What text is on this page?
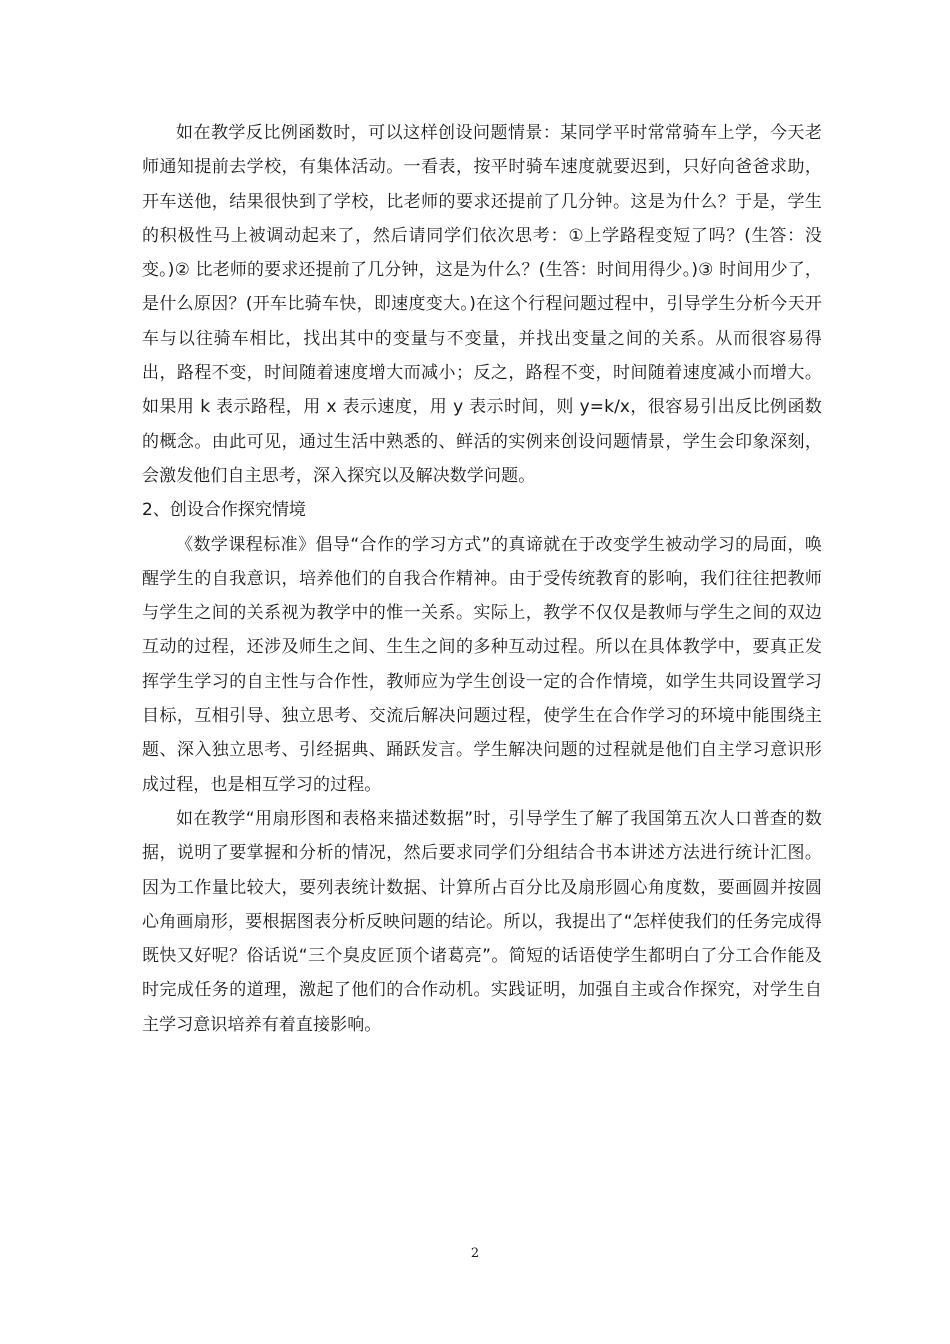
如在教学反比例函数时，可以这样创设问题情景：某同学平时常常骑车上学，今天老师通知提前去学校，有集体活动。一看表，按平时骑车速度就要迟到，只好向爸爸求助，开车送他，结果很快到了学校，比老师的要求还提前了几分钟。这是为什么？于是，学生的积极性马上被调动起来了，然后请同学们依次思考：①上学路程变短了吗？(生答：没变。)② 比老师的要求还提前了几分钟，这是为什么？(生答：时间用得少。)③ 时间用少了，是什么原因？(开车比骑车快，即速度变大。)在这个行程问题过程中，引导学生分析今天开车与以往骑车相比，找出其中的变量与不变量，并找出变量之间的关系。从而很容易得出，路程不变，时间随着速度增大而减小；反之，路程不变，时间随着速度减小而增大。如果用 k 表示路程，用 x 表示速度，用 y 表示时间，则 y=k/x，很容易引出反比例函数的概念。由此可见，通过生活中熟悉的、鲜活的实例来创设问题情景，学生会印象深刻，会激发他们自主思考，深入探究以及解决数学问题。

2、创设合作探究情境

《数学课程标准》倡导“合作的学习方式”的真谛就在于改变学生被动学习的局面，唤醒学生的自我意识，培养他们的自我合作精神。由于受传统教育的影响，我们往往把教师与学生之间的关系视为教学中的惟一关系。实际上，教学不仅仅是教师与学生之间的双边互动的过程，还涉及师生之间、生生之间的多种互动过程。所以在具体教学中，要真正发挥学生学习的自主性与合作性，教师应为学生创设一定的合作情境，如学生共同设置学习目标，互相引导、独立思考、交流后解决问题过程，使学生在合作学习的环境中能围绕主题、深入独立思考、引经据典、踊跃发言。学生解决问题的过程就是他们自主学习意识形成过程，也是相互学习的过程。

如在教学“用扇形图和表格来描述数据”时，引导学生了解了我国第五次人口普查的数据，说明了要掌握和分析的情况，然后要求同学们分组结合书本讲述方法进行统计汇图。因为工作量比较大，要列表统计数据、计算所占百分比及扇形圆心角度数，要画圆并按圆心角画扇形，要根据图表分析反映问题的结论。所以，我提出了“怎样使我们的任务完成得既快又好呢？俗话说“三个臭皮匠顶个诸葛亮”。简短的话语使学生都明白了分工合作能及时完成任务的道理，激起了他们的合作动机。实践证明，加强自主或合作探究，对学生自主学习意识培养有着直接影响。

2
